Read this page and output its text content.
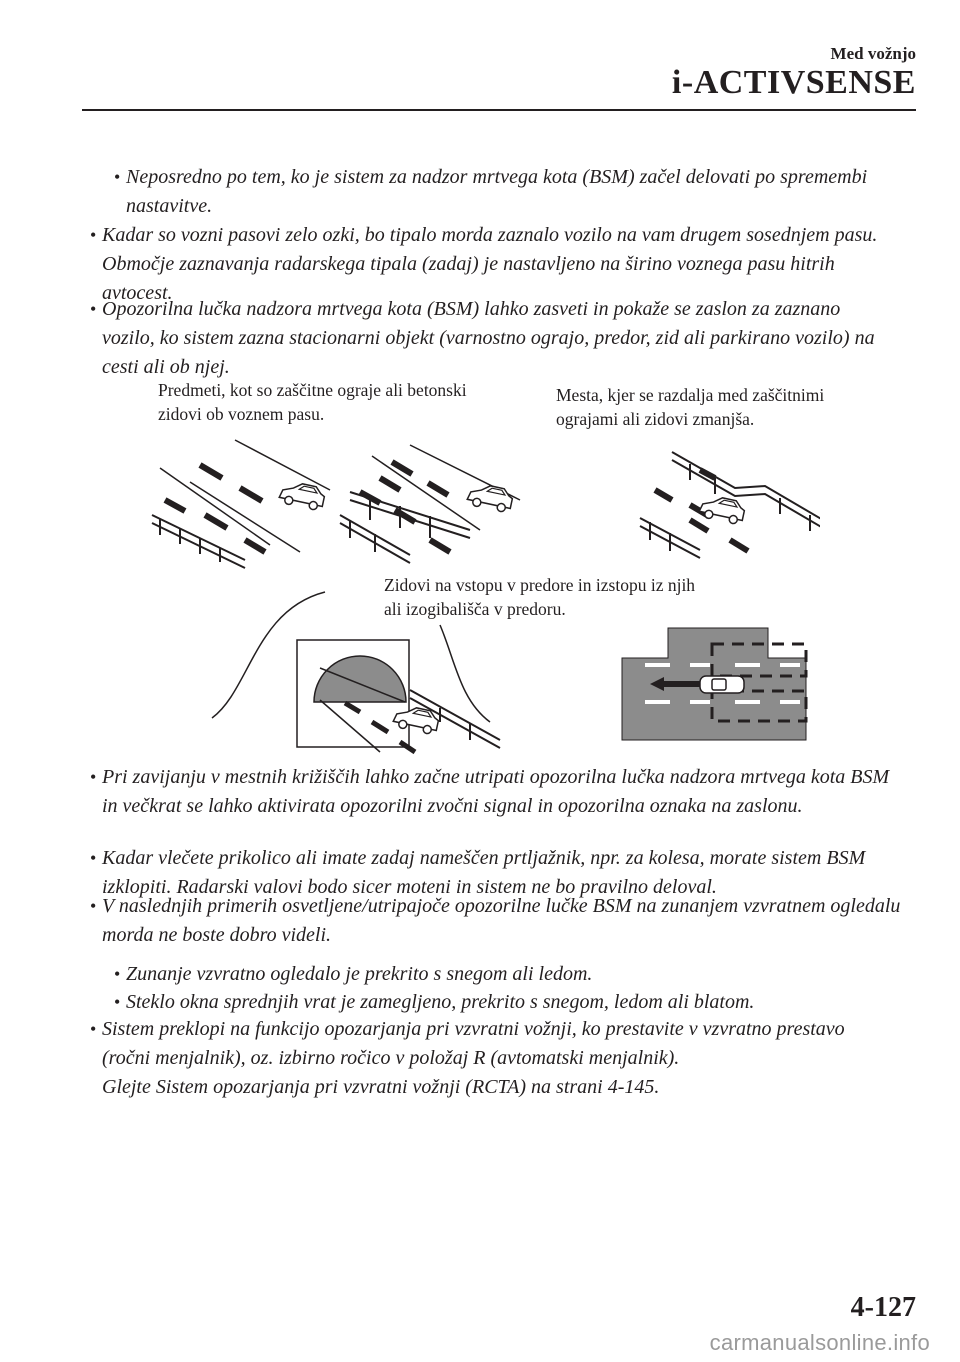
Med vožnjo
i-ACTIVSENSE
• Neposredno po tem, ko je sistem za nadzor mrtvega kota (BSM) začel delovati po spremembi nastavitve.
• Kadar so vozni pasovi zelo ozki, bo tipalo morda zaznalo vozilo na vam drugem sosednjem pasu. Območje zaznavanja radarskega tipala (zadaj) je nastavljeno na širino voznega pasu hitrih avtocest.
• Opozorilna lučka nadzora mrtvega kota (BSM) lahko zasveti in pokaže se zaslon za zaznano vozilo, ko sistem zazna stacionarni objekt (varnostno ograjo, predor, zid ali parkirano vozilo) na cesti ali ob njej.
Predmeti, kot so zaščitne ograje ali betonski
zidovi ob voznem pasu.
Mesta, kjer se razdalja med zaščitnimi
ograjami ali zidovi zmanjša.
Zidovi na vstopu v predore in izstopu iz njih
ali izogibališča v predoru.
• Pri zavijanju v mestnih križiščih lahko začne utripati opozorilna lučka nadzora mrtvega kota BSM in večkrat se lahko aktivirata opozorilni zvočni signal in opozorilna oznaka na zaslonu.
• Kadar vlečete prikolico ali imate zadaj nameščen prtljažnik, npr. za kolesa, morate sistem BSM izklopiti. Radarski valovi bodo sicer moteni in sistem ne bo pravilno deloval.
• V naslednjih primerih osvetljene/utripajoče opozorilne lučke BSM na zunanjem vzvratnem ogledalu morda ne boste dobro videli.
• Zunanje vzvratno ogledalo je prekrito s snegom ali ledom.
• Steklo okna sprednjih vrat je zamegljeno, prekrito s snegom, ledom ali blatom.
• Sistem preklopi na funkcijo opozarjanja pri vzvratni vožnji, ko prestavite v vzvratno prestavo (ročni menjalnik), oz. izbirno ročico v položaj R (avtomatski menjalnik).
Glejte Sistem opozarjanja pri vzvratni vožnji (RCTA) na strani 4-145.
4-127
carmanualsonline.info
